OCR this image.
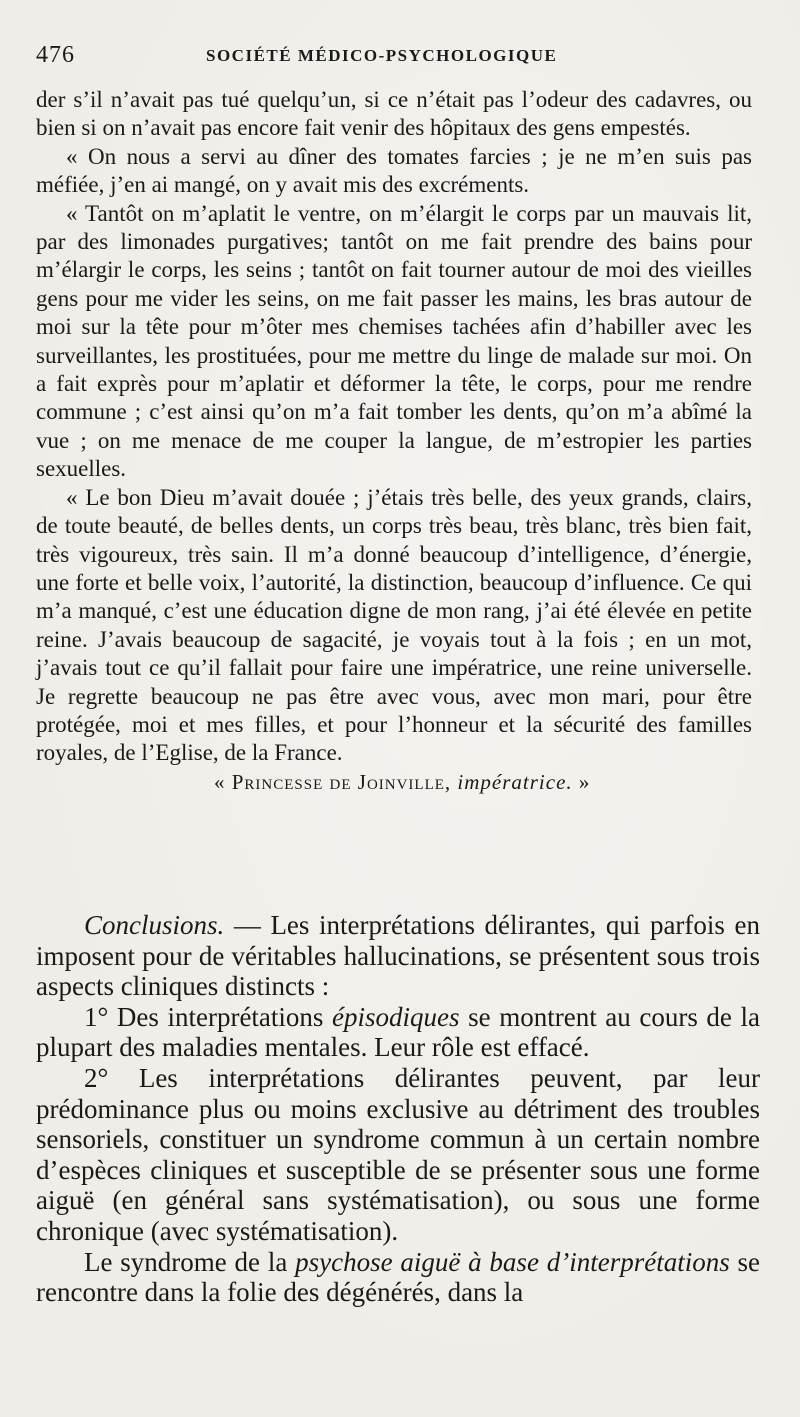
476	SOCIÉTÉ MÉDICO-PSYCHOLOGIQUE

der s’il n’avait pas tué quelqu’un, si ce n’était pas l’odeur des cadavres, ou bien si on n’avait pas encore fait venir des hôpitaux des gens empestés.

« On nous a servi au dîner des tomates farcies ; je ne m’en suis pas méfiée, j’en ai mangé, on y avait mis des excréments.

« Tantôt on m’aplatit le ventre, on m’élargit le corps par un mauvais lit, par des limonades purgatives; tantôt on me fait prendre des bains pour m’élargir le corps, les seins ; tantôt on fait tourner autour de moi des vieilles gens pour me vider les seins, on me fait passer les mains, les bras autour de moi sur la tête pour m’ôter mes chemises tachées afin d’habiller avec les surveillantes, les prostituées, pour me mettre du linge de malade sur moi. On a fait exprès pour m’aplatir et déformer la tête, le corps, pour me rendre commune ; c’est ainsi qu’on m’a fait tomber les dents, qu’on m’a abîmé la vue ; on me menace de me couper la langue, de m’estropier les parties sexuelles.

« Le bon Dieu m’avait douée ; j’étais très belle, des yeux grands, clairs, de toute beauté, de belles dents, un corps très beau, très blanc, très bien fait, très vigoureux, très sain. Il m’a donné beaucoup d’intelligence, d’énergie, une forte et belle voix, l’autorité, la distinction, beaucoup d’influence. Ce qui m’a manqué, c’est une éducation digne de mon rang, j’ai été élevée en petite reine. J’avais beaucoup de sagacité, je voyais tout à la fois ; en un mot, j’avais tout ce qu’il fallait pour faire une impératrice, une reine universelle. Je regrette beaucoup ne pas être avec vous, avec mon mari, pour être protégée, moi et mes filles, et pour l’honneur et la sécurité des familles royales, de l’Eglise, de la France.

« Princesse de Joinville, impératrice. »

Conclusions. — Les interprétations délirantes, qui parfois en imposent pour de véritables hallucinations, se présentent sous trois aspects cliniques distincts :

1° Des interprétations épisodiques se montrent au cours de la plupart des maladies mentales. Leur rôle est effacé.

2° Les interprétations délirantes peuvent, par leur prédominance plus ou moins exclusive au détriment des troubles sensoriels, constituer un syndrome commun à un certain nombre d’espèces cliniques et susceptible de se présenter sous une forme aiguë (en général sans systématisation), ou sous une forme chronique (avec systématisation).

Le syndrome de la psychose aiguë à base d’interprétations se rencontre dans la folie des dégénérés, dans la
